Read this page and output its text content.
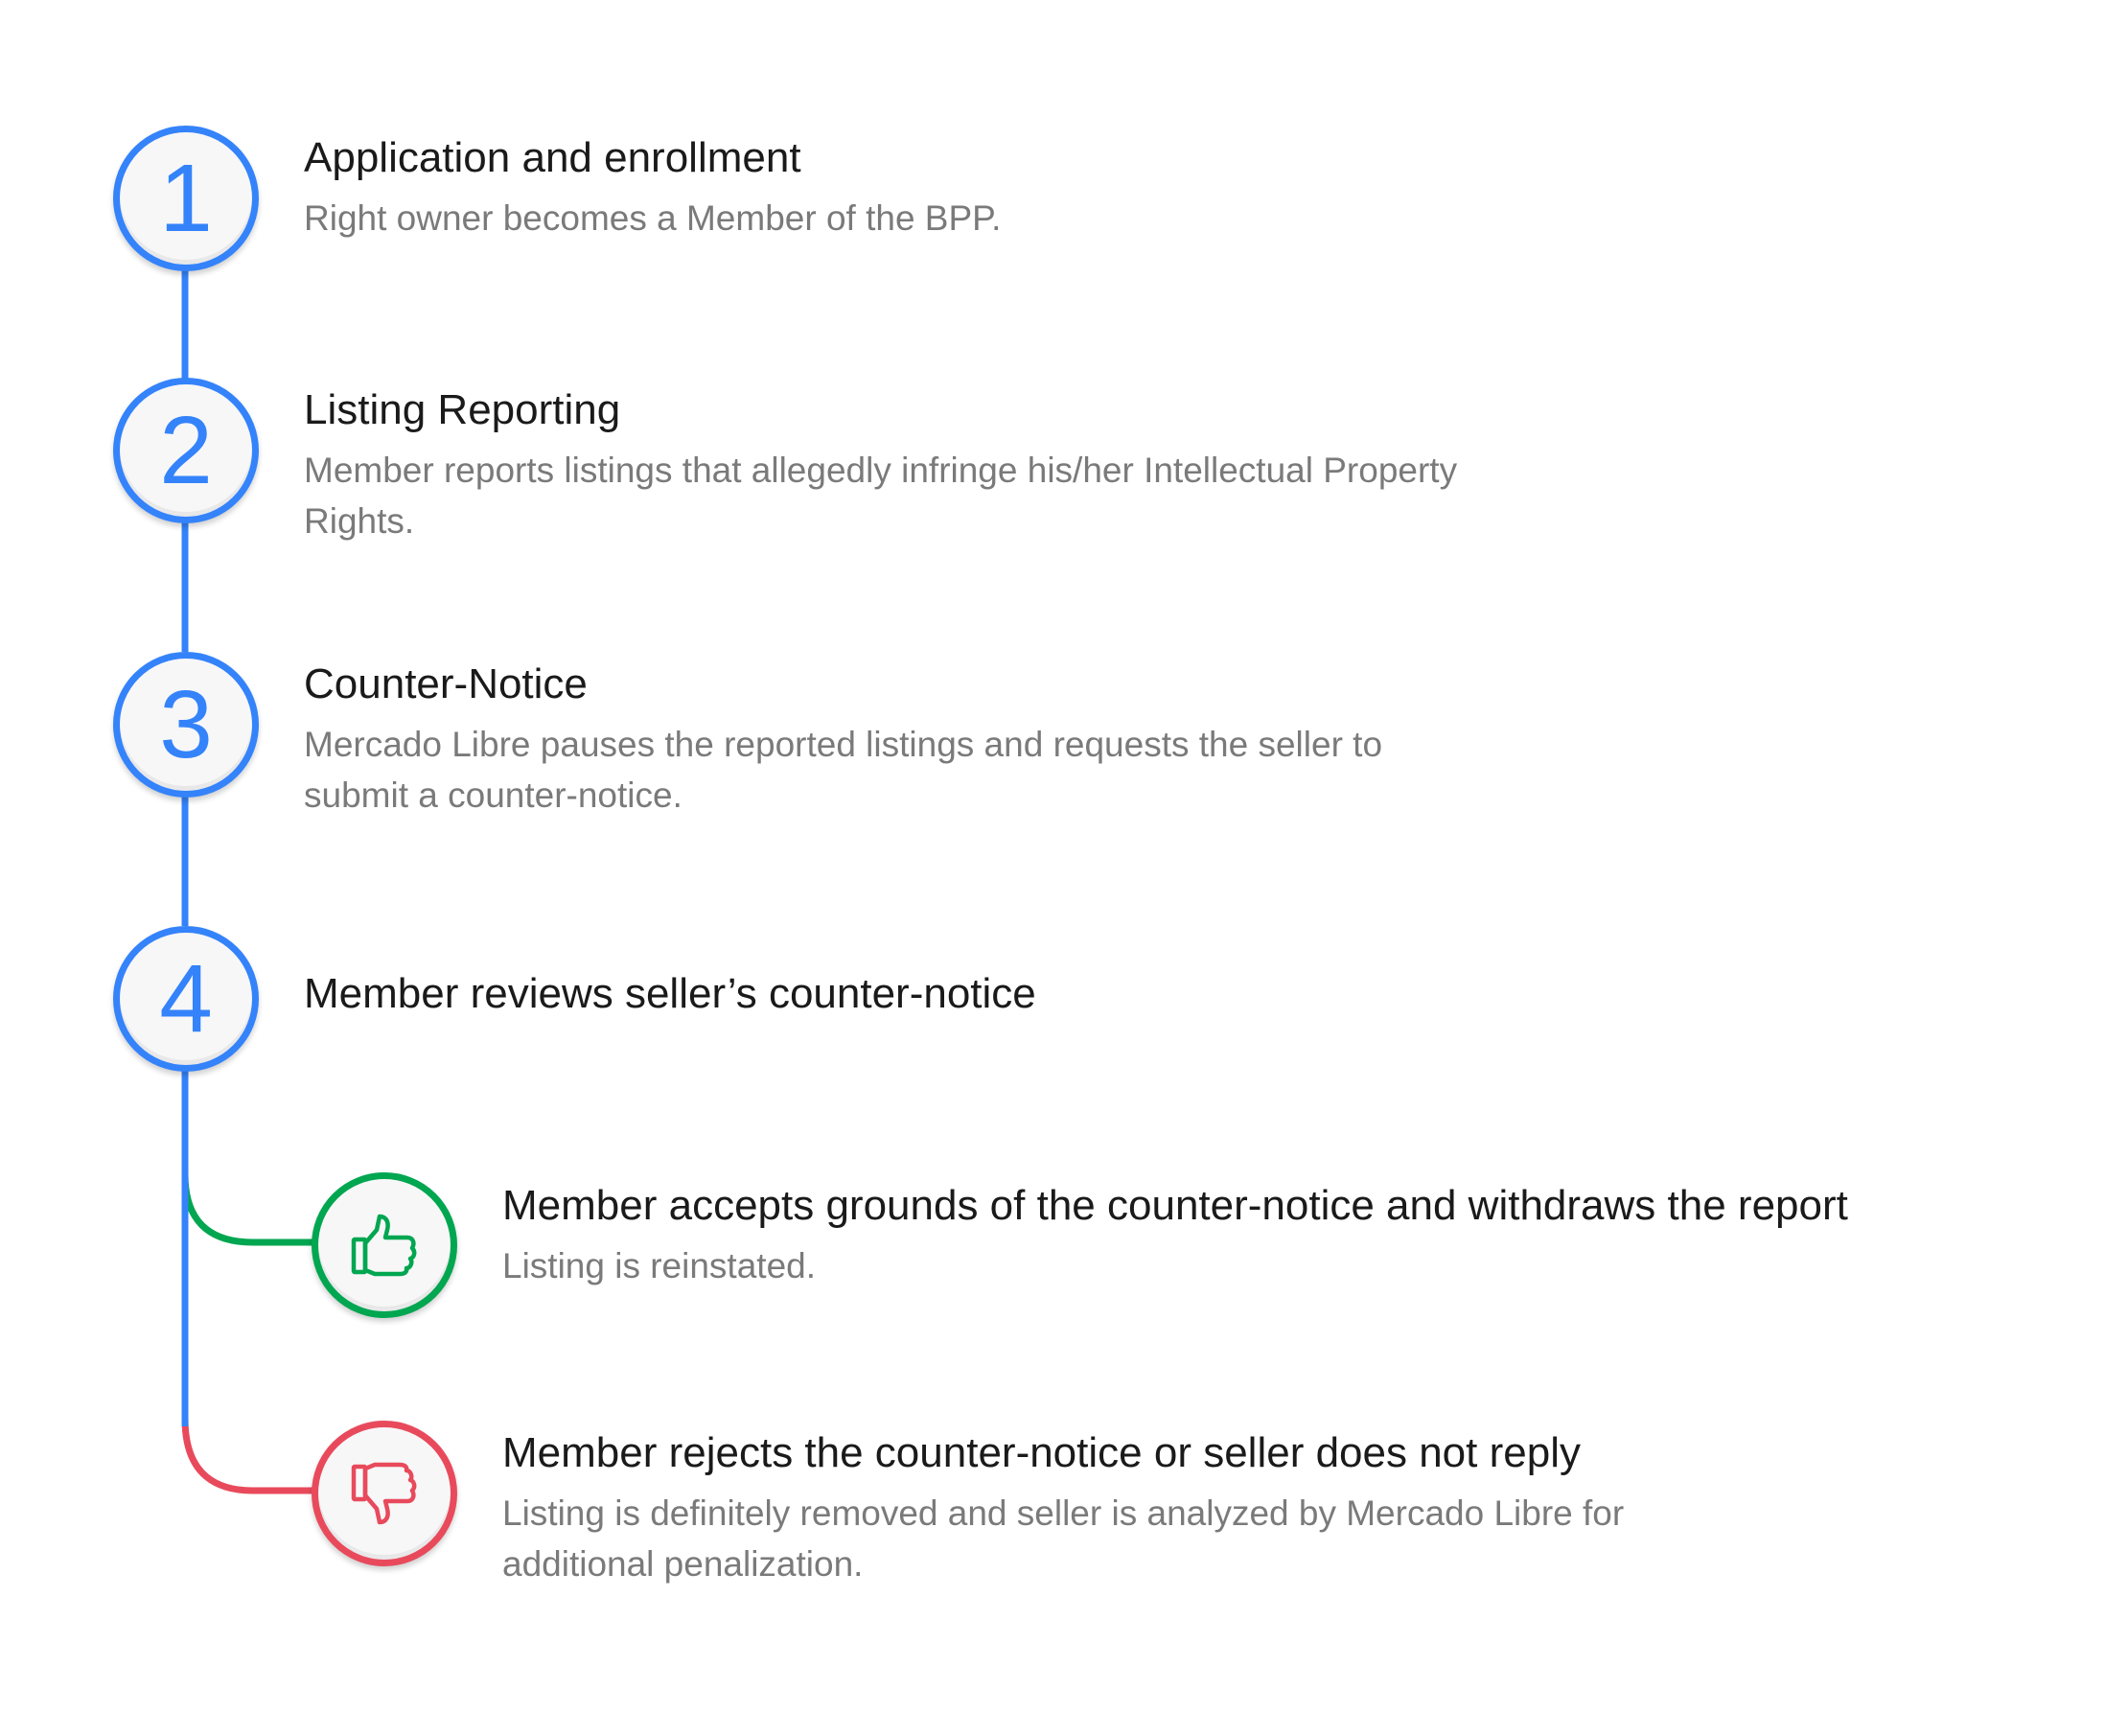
1 Application and enrollment
Right owner becomes a Member of the BPP.
2 Listing Reporting
Member reports listings that allegedly infringe his/her Intellectual Property Rights.
3 Counter-Notice
Mercado Libre pauses the reported listings and requests the seller to submit a counter-notice.
4 Member reviews seller’s counter-notice
Member accepts grounds of the counter-notice and withdraws the report
Listing is reinstated.
Member rejects the counter-notice or seller does not reply
Listing is definitely removed and seller is analyzed by Mercado Libre for additional penalization.
